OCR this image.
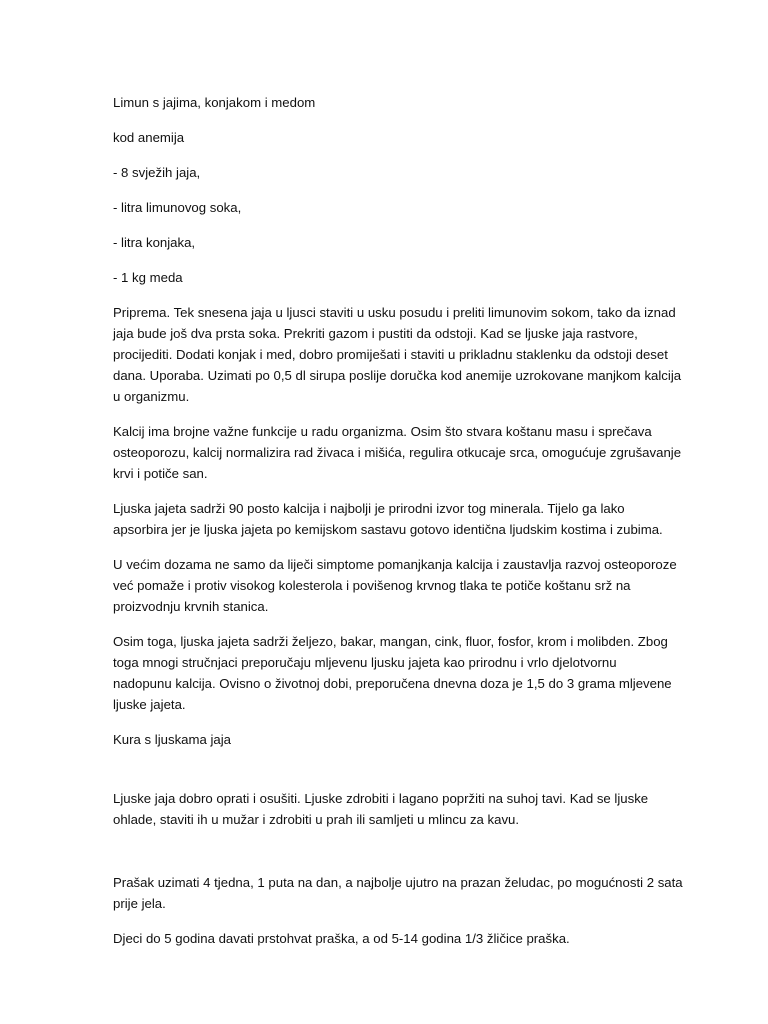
Limun s jajima, konjakom i medom
kod anemija
- 8 svježih jaja,
- litra limunovog soka,
- litra konjaka,
- 1 kg meda
Priprema. Tek snesena jaja u ljusci staviti u usku posudu i preliti limunovim sokom, tako da iznad
jaja bude još dva prsta soka. Prekriti gazom i pustiti da odstoji. Kad se ljuske jaja rastvore,
procijediti. Dodati konjak i med, dobro promiješati i staviti u prikladnu staklenku da odstoji deset
dana. Uporaba. Uzimati po 0,5 dl sirupa poslije doručka kod anemije uzrokovane manjkom kalcija
u organizmu.
Kalcij ima brojne važne funkcije u radu organizma. Osim što stvara koštanu masu i sprečava
osteoporozu, kalcij normalizira rad živaca i mišića, regulira otkucaje srca, omogućuje zgrušavanje
krvi i potiče san.
Ljuska jajeta sadrži 90 posto kalcija i najbolji je prirodni izvor tog minerala. Tijelo ga lako
apsorbira jer je ljuska jajeta po kemijskom sastavu gotovo identična ljudskim kostima i zubima.
U većim dozama ne samo da liječi simptome pomanjkanja kalcija i zaustavlja razvoj osteoporoze
već pomaže i protiv visokog kolesterola i povišenog krvnog tlaka te potiče koštanu srž na
proizvodnju krvnih stanica.
Osim toga, ljuska jajeta sadrži željezo, bakar, mangan, cink, fluor, fosfor, krom i molibden. Zbog
toga mnogi stručnjaci preporučaju mljevenu ljusku jajeta kao prirodnu i vrlo djelotvornu
nadopunu kalcija. Ovisno o životnoj dobi, preporučena dnevna doza je 1,5 do 3 grama mljevene
ljuske jajeta.
Kura s ljuskama jaja
Ljuske jaja dobro oprati i osušiti. Ljuske zdrobiti i lagano popržiti na suhoj tavi. Kad se ljuske
ohlade, staviti ih u mužar i zdrobiti u prah ili samljeti u mlincu za kavu.
Prašak uzimati 4 tjedna, 1 puta na dan, a najbolje ujutro na prazan želudac, po mogućnosti 2 sata
prije jela.
Djeci do 5 godina davati prstohvat praška, a od 5-14 godina 1/3 žličice praška.
